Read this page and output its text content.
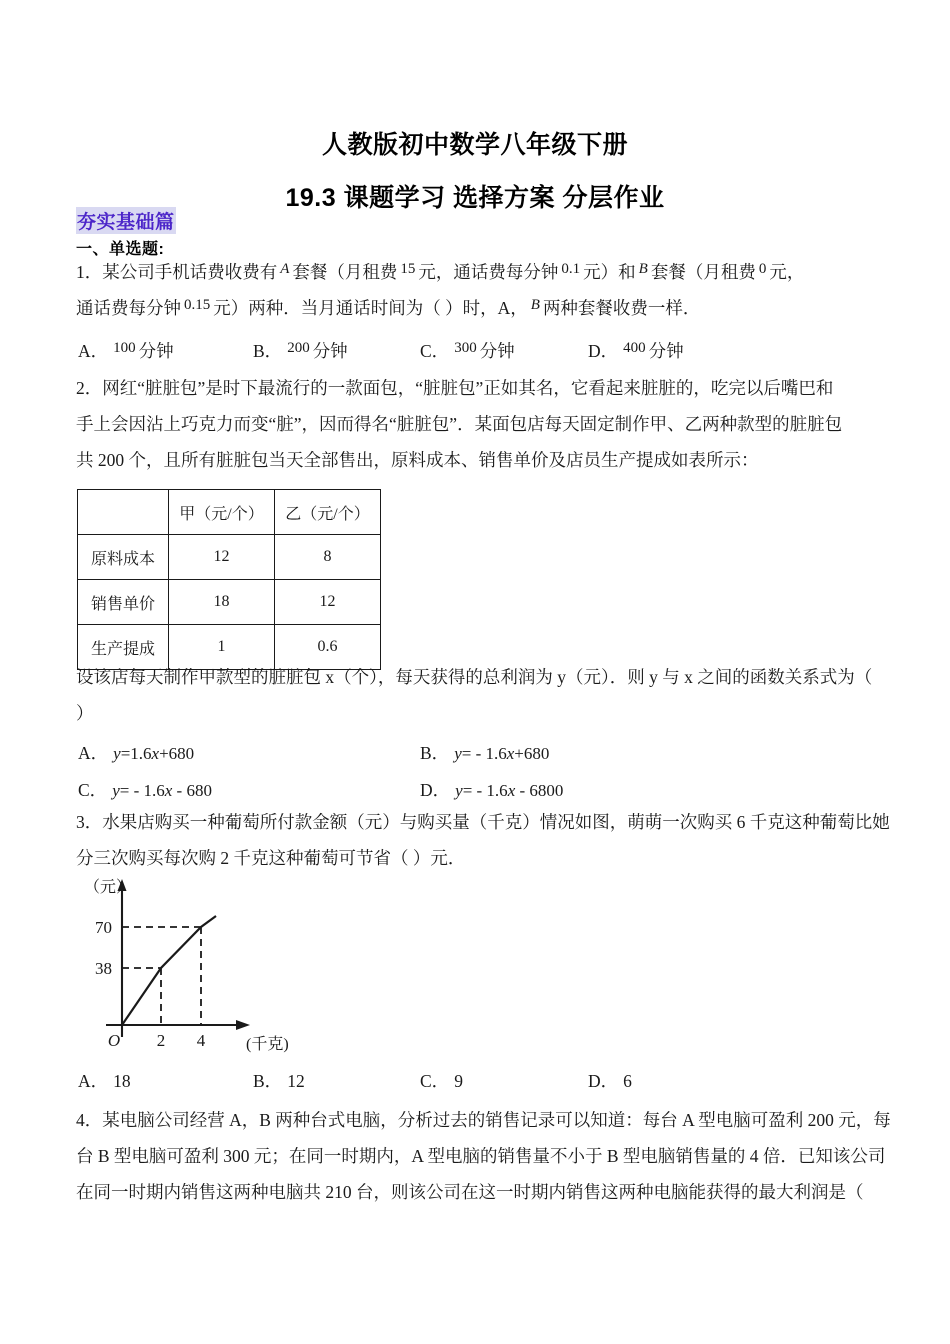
人教版初中数学八年级下册
19.3 课题学习 选择方案 分层作业
夯实基础篇
一、单选题:
1．某公司手机话费收费有 A 套餐（月租费 15 元，通话费每分钟 0.1 元）和 B 套餐（月租费 0 元，
通话费每分钟 0.15 元）两种．当月通话时间为（ ）时，A， B 两种套餐收费一样．
A． 100 分钟	B． 200 分钟	C． 300 分钟	D． 400 分钟
2．网红“脏脏包”是时下最流行的一款面包，“脏脏包”正如其名，它看起来脏脏的，吃完以后嘴巴和
手上会因沾上巧克力而变“脏”，因而得名“脏脏包”．某面包店每天固定制作甲、乙两种款型的脏脏包
共 200 个，且所有脏脏包当天全部售出，原料成本、销售单价及店员生产提成如表所示：
	甲（元/个）	乙（元/个）
原料成本	12	8
销售单价	18	12
生产提成	1	0.6
设该店每天制作甲款型的脏脏包 x（个），每天获得的总利润为 y（元）．则 y 与 x 之间的函数关系式为（
）
A． y=1.6x+680	B． y= - 1.6x+680
C． y= - 1.6x - 680	D． y= - 1.6x - 6800
3．水果店购买一种葡萄所付款金额（元）与购买量（千克）情况如图，萌萌一次购买 6 千克这种葡萄比她
分三次购买每次购 2 千克这种葡萄可节省（ ）元．
70
38
2 4
O
（元）
(千克)
A． 18	B． 12	C． 9	D． 6
4．某电脑公司经营 A，B 两种台式电脑，分析过去的销售记录可以知道：每台 A 型电脑可盈利 200 元，每
台 B 型电脑可盈利 300 元；在同一时期内，A 型电脑的销售量不小于 B 型电脑销售量的 4 倍．已知该公司
在同一时期内销售这两种电脑共 210 台，则该公司在这一时期内销售这两种电脑能获得的最大利润是（
